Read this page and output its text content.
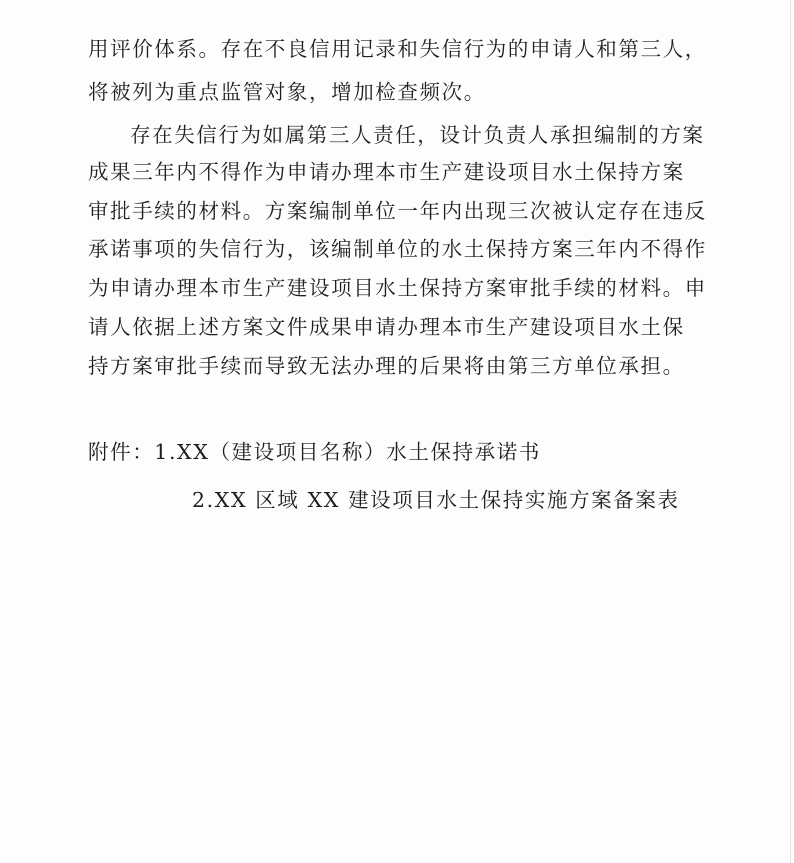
用评价体系。存在不良信用记录和失信行为的申请人和第三人，
将被列为重点监管对象，增加检查频次。
存在失信行为如属第三人责任，设计负责人承担编制的方案
成果三年内不得作为申请办理本市生产建设项目水土保持方案
审批手续的材料。方案编制单位一年内出现三次被认定存在违反
承诺事项的失信行为，该编制单位的水土保持方案三年内不得作
为申请办理本市生产建设项目水土保持方案审批手续的材料。申
请人依据上述方案文件成果申请办理本市生产建设项目水土保
持方案审批手续而导致无法办理的后果将由第三方单位承担。
附件：1.XX（建设项目名称）水土保持承诺书
2.XX 区域 XX 建设项目水土保持实施方案备案表
